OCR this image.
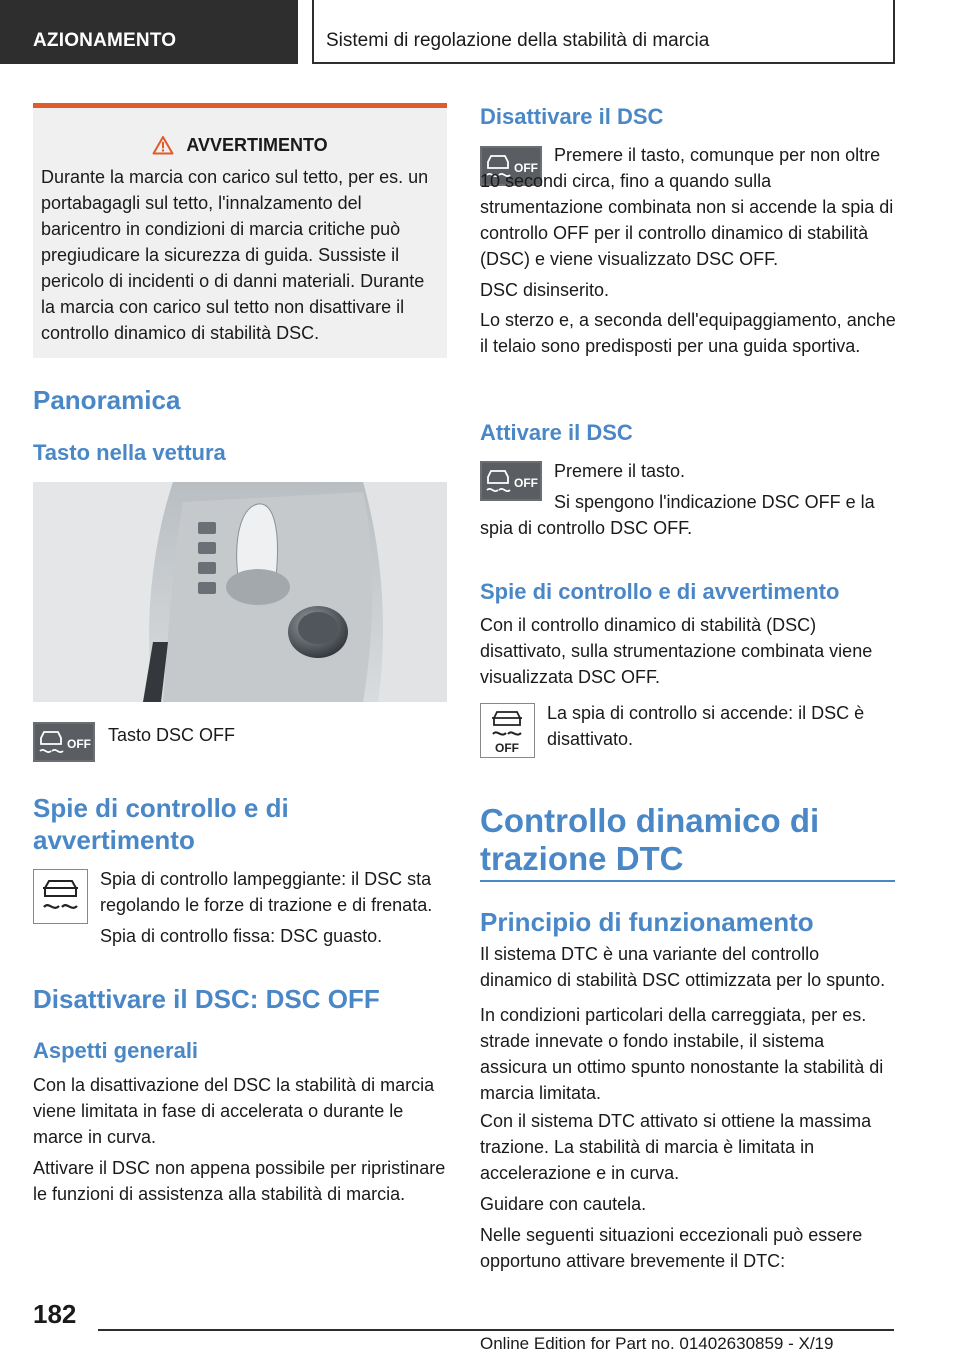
AZIONAMENTO	Sistemi di regolazione della stabilità di marcia
AVVERTIMENTO

Durante la marcia con carico sul tetto, per es. un portabagagli sul tetto, l'innalzamento del baricentro in condizioni di marcia critiche può pregiudicare la sicurezza di guida. Sussiste il pericolo di incidenti o di danni materiali. Durante la marcia con carico sul tetto non disattivare il controllo dinamico di stabilità DSC.

Panoramica
Tasto nella vettura
OFF Tasto DSC OFF

Spie di controllo e di avvertimento

Spia di controllo lampeggiante: il DSC sta regolando le forze di trazione e di frenata.

Spia di controllo fissa: DSC guasto.

Disattivare il DSC: DSC OFF
Aspetti generali

Con la disattivazione del DSC la stabilità di marcia viene limitata in fase di accelerata o durante le marce in curva.

Attivare il DSC non appena possibile per ripristinare le funzioni di assistenza alla stabilità di marcia.

Disattivare il DSC
OFF

Premere il tasto, comunque per non oltre 10 secondi circa, fino a quando sulla strumentazione combinata non si accende la spia di controllo OFF per il controllo dinamico di stabilità (DSC) e viene visualizzato DSC OFF.

DSC disinserito.

Lo sterzo e, a seconda dell'equipaggiamento, anche il telaio sono predisposti per una guida sportiva.

Attivare il DSC
OFF

Premere il tasto.

Si spengono l'indicazione DSC OFF e la spia di controllo DSC OFF.

Spie di controllo e di avvertimento

Con il controllo dinamico di stabilità (DSC) disattivato, sulla strumentazione combinata viene visualizzata DSC OFF.

OFF

La spia di controllo si accende: il DSC è disattivato.

Controllo dinamico di trazione DTC
Principio di funzionamento

Il sistema DTC è una variante del controllo dinamico di stabilità DSC ottimizzata per lo spunto.

In condizioni particolari della carreggiata, per es. strade innevate o fondo instabile, il sistema assicura un ottimo spunto nonostante la stabilità di marcia limitata.

Con il sistema DTC attivato si ottiene la massima trazione. La stabilità di marcia è limitata in accelerazione e in curva.

Guidare con cautela.

Nelle seguenti situazioni eccezionali può essere opportuno attivare brevemente il DTC:

182
Online Edition for Part no. 01402630859 - X/19
